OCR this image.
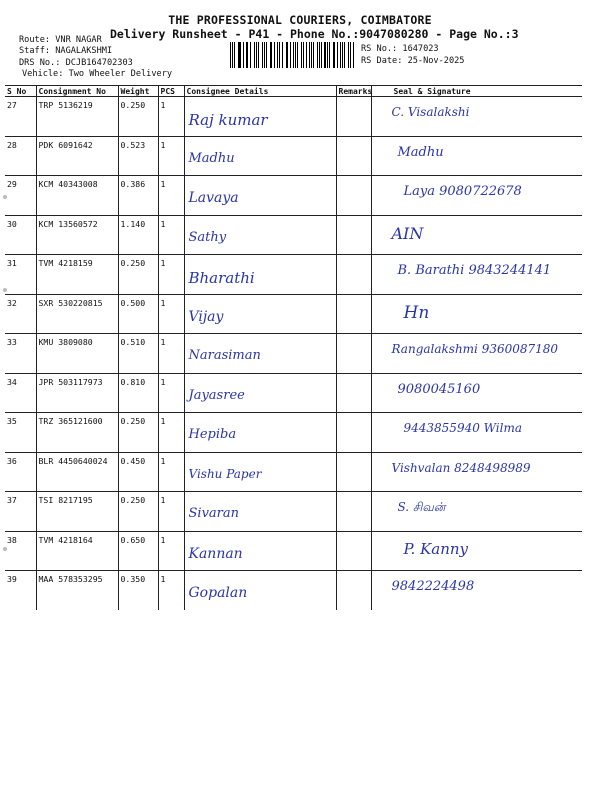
THE PROFESSIONAL COURIERS, COIMBATORE
Delivery Runsheet - P41 - Phone No.:9047080280 - Page No.:3
Route: VNR NAGAR
Staff: NAGALAKSHMI
DRS No.: DCJB164702303
Vehicle: Two Wheeler Delivery
RS No.: 1647023
RS Date: 25-Nov-2025
S No	Consignment No	Weight	PCS	Consignee Details	Remarks	Seal & Signature
27	TRP 5136219	0.250	1	Raj kumar		C. Visalakshi

28	PDK 6091642	0.523	1	Madhu		Madhu

29	KCM 40343008	0.386	1	Lavaya		Laya 9080722678

30	KCM 13560572	1.140	1	Sathy		AIN

31	TVM 4218159	0.250	1	Bharathi		B. Barathi 9843244141

32	SXR 530220815	0.500	1	Vijay		Hn

33	KMU 3809080	0.510	1	Narasiman		Rangalakshmi 9360087180

34	JPR 503117973	0.810	1	Jayasree		9080045160

35	TRZ 365121600	0.250	1	Hepiba		9443855940 Wilma

36	BLR 4450640024	0.450	1	Vishu Paper		Vishvalan 8248498989

37	TSI 8217195	0.250	1	Sivaran		S. சிவன்

38	TVM 4218164	0.650	1	Kannan		P. Kanny

39	MAA 578353295	0.350	1	Gopalan		9842224498
